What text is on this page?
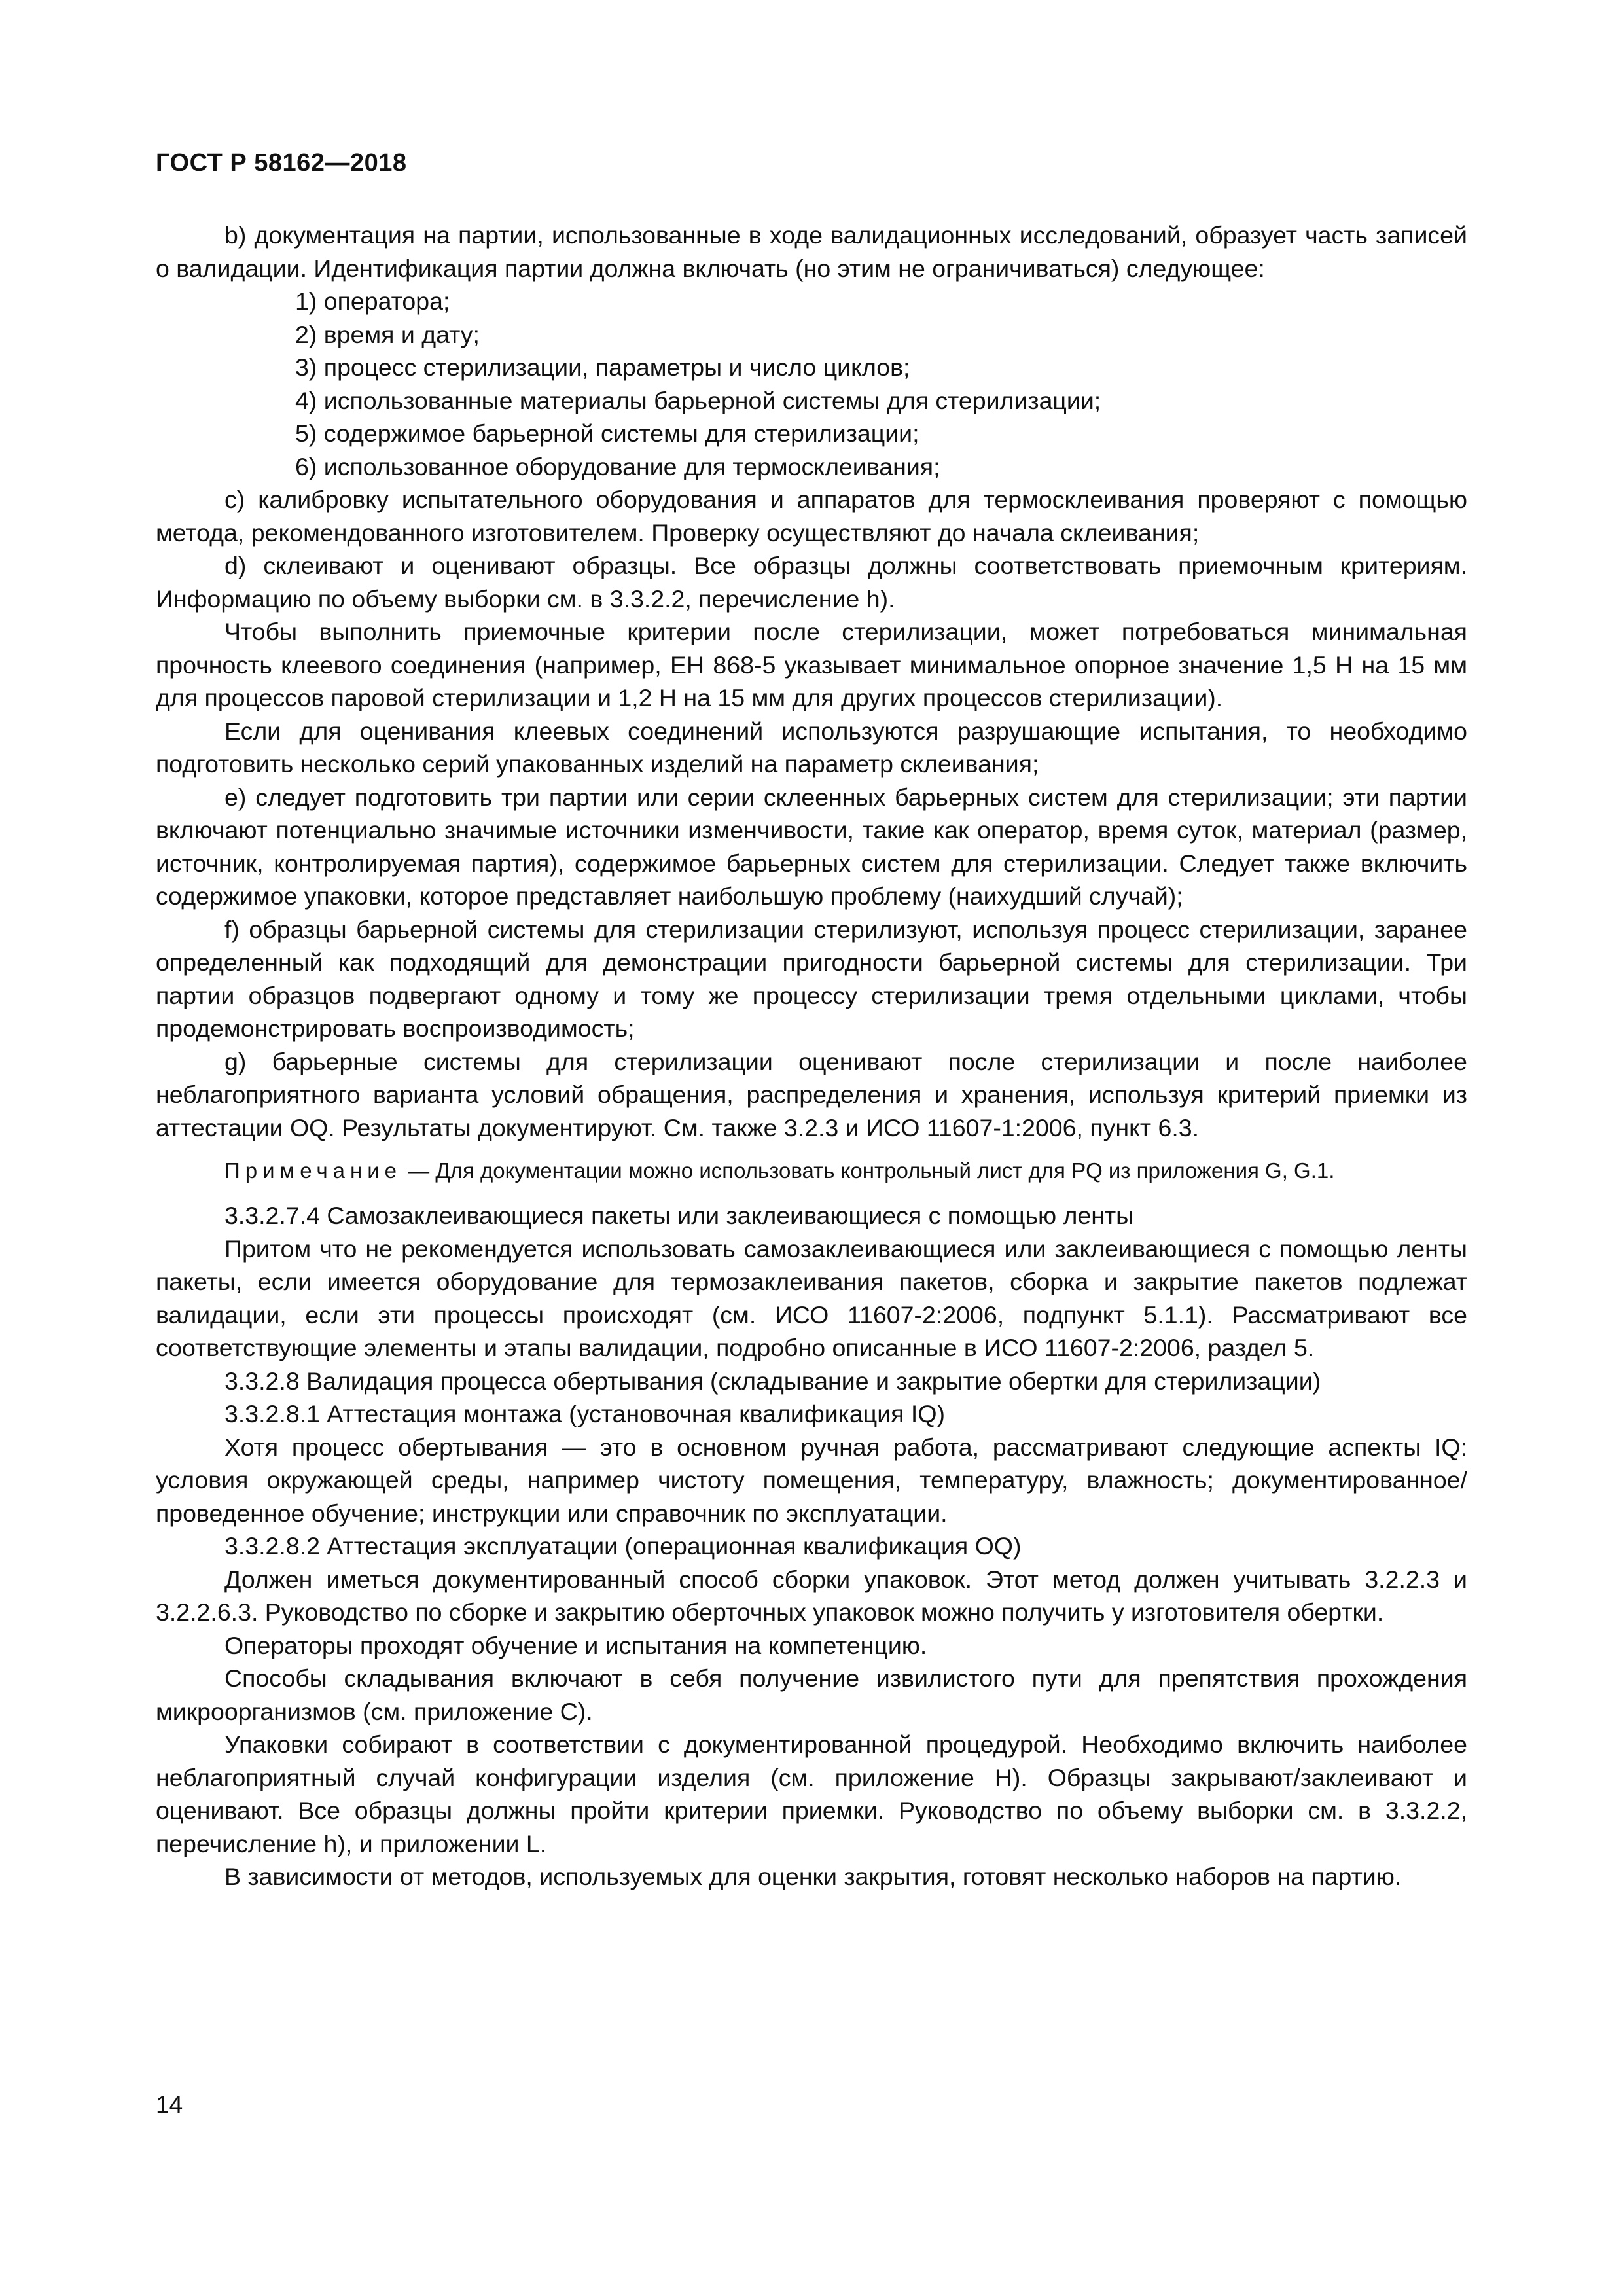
ГОСТ Р 58162—2018

b) документация на партии, использованные в ходе валидационных исследований, образует часть записей о валидации. Идентификация партии должна включать (но этим не ограничиваться) следующее:

1) оператора;

2) время и дату;

3) процесс стерилизации, параметры и число циклов;

4) использованные материалы барьерной системы для стерилизации;

5) содержимое барьерной системы для стерилизации;

6) использованное оборудование для термосклеивания;

c) калибровку испытательного оборудования и аппаратов для термосклеивания проверяют с помощью метода, рекомендованного изготовителем. Проверку осуществляют до начала склеивания;

d) склеивают и оценивают образцы. Все образцы должны соответствовать приемочным критериям. Информацию по объему выборки см. в 3.3.2.2, перечисление h).

Чтобы выполнить приемочные критерии после стерилизации, может потребоваться минимальная прочность клеевого соединения (например, ЕН 868-5 указывает минимальное опорное значение 1,5 Н на 15 мм для процессов паровой стерилизации и 1,2 Н на 15 мм для других процессов стерилизации).

Если для оценивания клеевых соединений используются разрушающие испытания, то необходимо подготовить несколько серий упакованных изделий на параметр склеивания;

e) следует подготовить три партии или серии склеенных барьерных систем для стерилизации; эти партии включают потенциально значимые источники изменчивости, такие как оператор, время суток, материал (размер, источник, контролируемая партия), содержимое барьерных систем для стерилизации. Следует также включить содержимое упаковки, которое представляет наибольшую проблему (наихудший случай);

f) образцы барьерной системы для стерилизации стерилизуют, используя процесс стерилизации, заранее определенный как подходящий для демонстрации пригодности барьерной системы для стерилизации. Три партии образцов подвергают одному и тому же процессу стерилизации тремя отдельными циклами, чтобы продемонстрировать воспроизводимость;

g) барьерные системы для стерилизации оценивают после стерилизации и после наиболее неблагоприятного варианта условий обращения, распределения и хранения, используя критерий приемки из аттестации OQ. Результаты документируют. См. также 3.2.3 и ИСО 11607-1:2006, пункт 6.3.

Примечание — Для документации можно использовать контрольный лист для PQ из приложения G, G.1.

3.3.2.7.4 Самозаклеивающиеся пакеты или заклеивающиеся с помощью ленты

Притом что не рекомендуется использовать самозаклеивающиеся или заклеивающиеся с помощью ленты пакеты, если имеется оборудование для термозаклеивания пакетов, сборка и закрытие пакетов подлежат валидации, если эти процессы происходят (см. ИСО 11607-2:2006, подпункт 5.1.1). Рассматривают все соответствующие элементы и этапы валидации, подробно описанные в ИСО 11607-2:2006, раздел 5.

3.3.2.8 Валидация процесса обертывания (складывание и закрытие обертки для стерилизации)

3.3.2.8.1 Аттестация монтажа (установочная квалификация IQ)

Хотя процесс обертывания — это в основном ручная работа, рассматривают следующие аспекты IQ: условия окружающей среды, например чистоту помещения, температуру, влажность; документированное/проведенное обучение; инструкции или справочник по эксплуатации.

3.3.2.8.2 Аттестация эксплуатации (операционная квалификация OQ)

Должен иметься документированный способ сборки упаковок. Этот метод должен учитывать 3.2.2.3 и 3.2.2.6.3. Руководство по сборке и закрытию оберточных упаковок можно получить у изготовителя обертки.

Операторы проходят обучение и испытания на компетенцию.

Способы складывания включают в себя получение извилистого пути для препятствия прохождения микроорганизмов (см. приложение С).

Упаковки собирают в соответствии с документированной процедурой. Необходимо включить наиболее неблагоприятный случай конфигурации изделия (см. приложение Н). Образцы закрывают/заклеивают и оценивают. Все образцы должны пройти критерии приемки. Руководство по объему выборки см. в 3.3.2.2, перечисление h), и приложении L.

В зависимости от методов, используемых для оценки закрытия, готовят несколько наборов на партию.

14
